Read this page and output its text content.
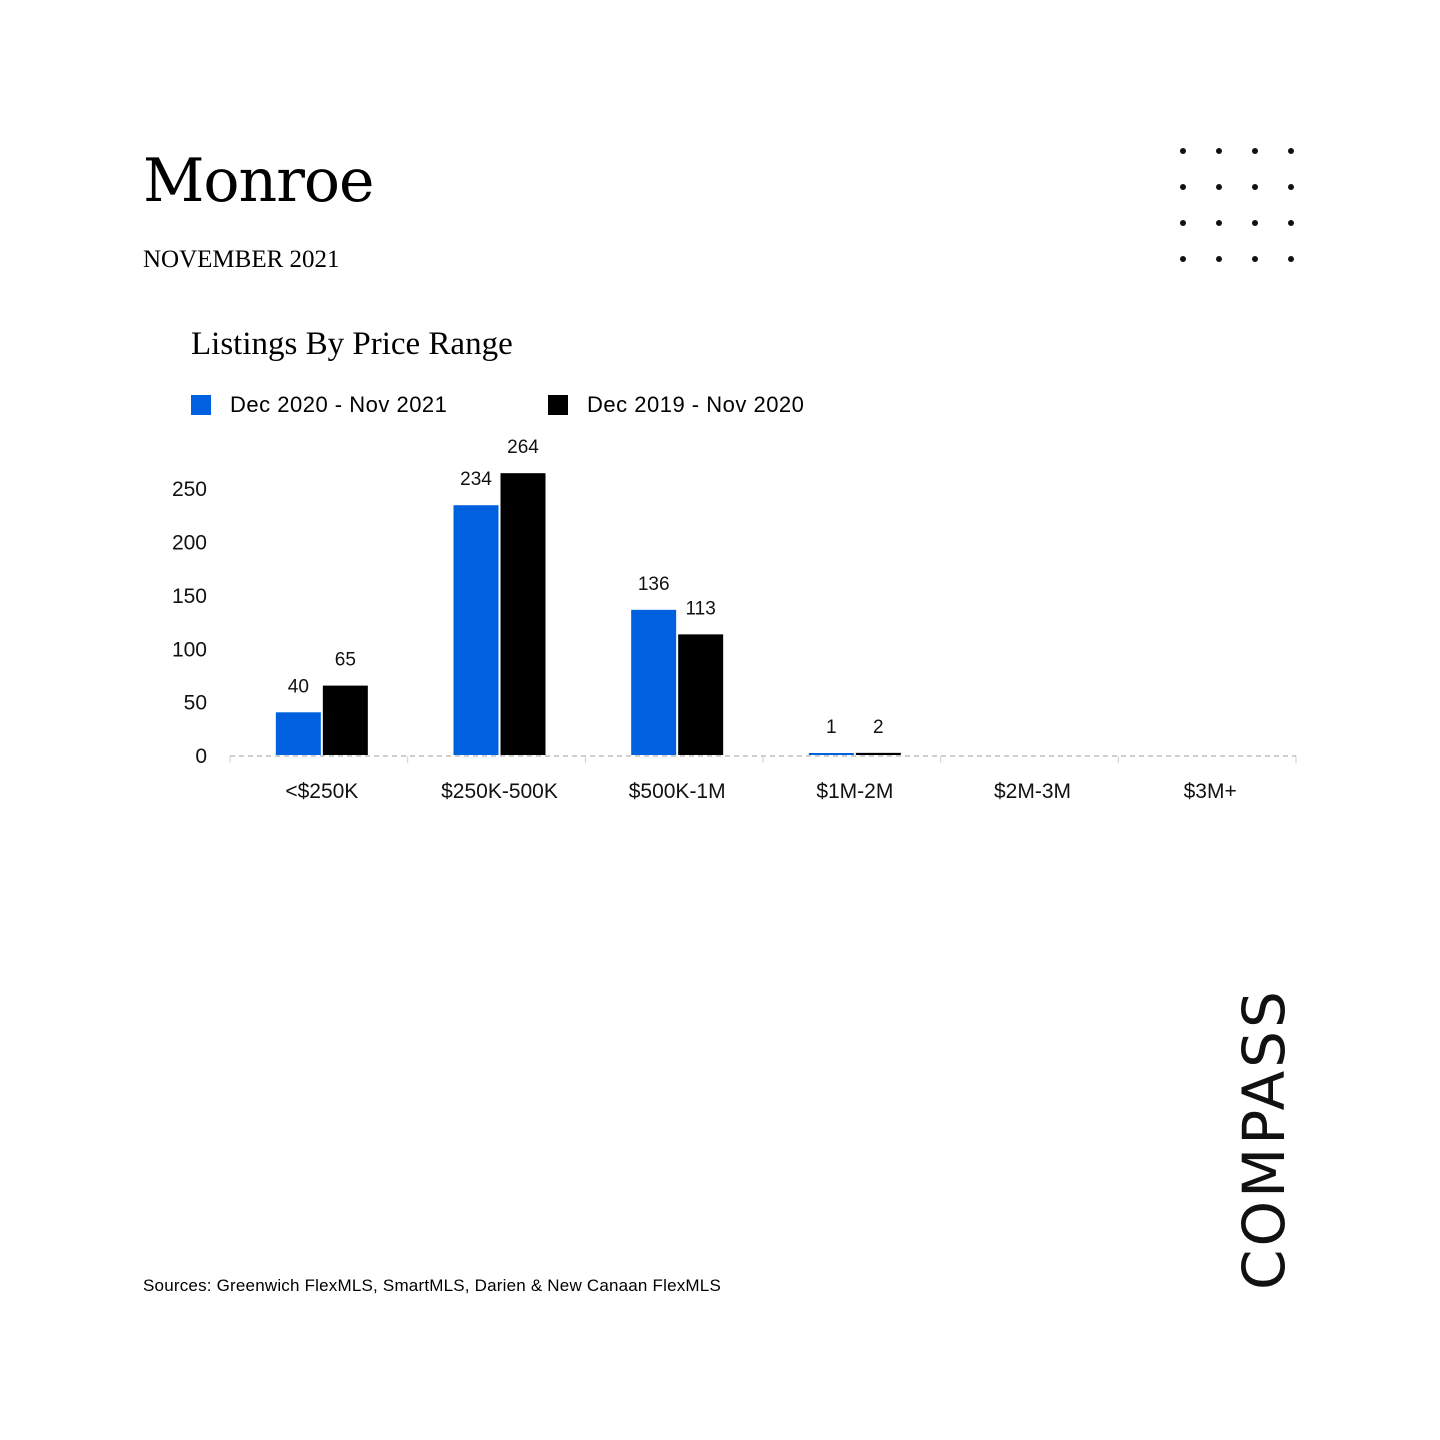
Monroe
NOVEMBER 2021
Listings By Price Range
Dec 2020 - Nov 2021	Dec 2019 - Nov 2020
0
50
100
150
200
250
40
65
<$250K
234
264
$250K-500K
136
113
$500K-1M
1 2
$1M-2M	$2M-3M	$3M+
Sources: Greenwich FlexMLS, SmartMLS, Darien & New Canaan FlexMLS	COMPASS
